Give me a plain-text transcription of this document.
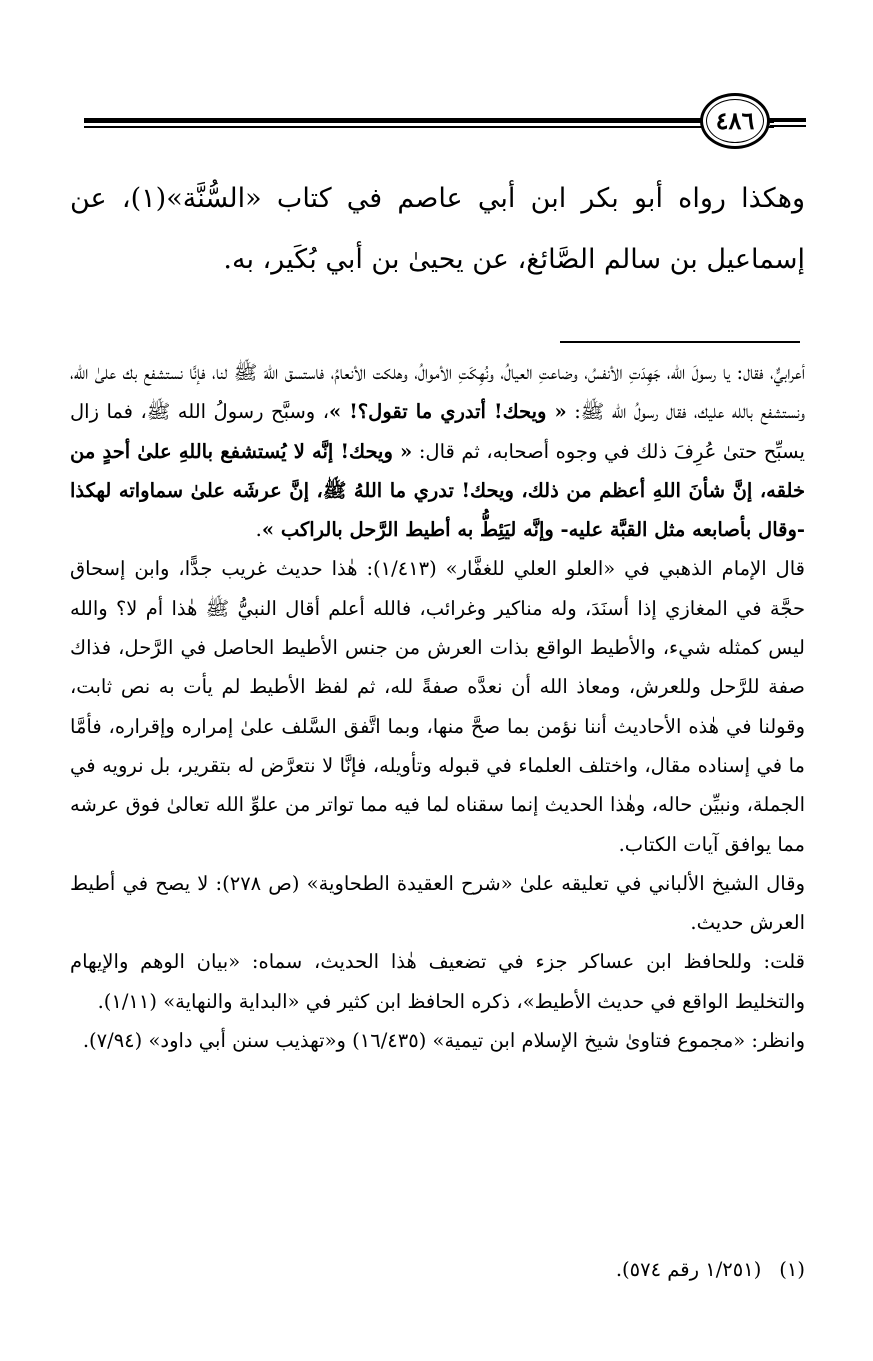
٤٨٦

وهكذا رواه أبو بكر ابن أبي عاصم في كتاب «السُّنَّة»(١)، عن إسماعيل بن سالم الصَّائغ، عن يحيىٰ بن أبي بُكَير، به.

أعرابيٌّ، فقال: يا رسولَ الله، جَهِدَتِ الأنفسُ، وضاعتِ العيالُ، ونُهِكَتِ الأموالُ، وهلكت الأنعامُ، فاستسق اللهَ ﷺ لنا، فإنَّا نستشفع بك علىٰ الله، ونستشفع بالله عليك، فقال رسولُ الله ﷺ: « ويحك! أتدري ما تقول؟! »، وسبَّح رسولُ الله ﷺ، فما زال يسبِّح حتىٰ عُرِفَ ذلك في وجوه أصحابه، ثم قال: « ويحك! إنَّه لا يُستشفع باللهِ علىٰ أحدٍ من خلقه، إنَّ شأنَ اللهِ أعظم من ذلك، ويحك! تدري ما اللهُ ﷺ، إنَّ عرشَه علىٰ سماواته لهكذا -وقال بأصابعه مثل القبَّة عليه- وإنَّه ليَئِطُّ به أطيط الرَّحل بالراكب ».

قال الإمام الذهبي في «العلو العلي للغفَّار» (١/٤١٣): هٰذا حديث غريب جدًّا، وابن إسحاق حجَّة في المغازي إذا أسنَدَ، وله مناكير وغرائب، فالله أعلم أقال النبيُّ ﷺ هٰذا أم لا؟ والله ليس كمثله شيء، والأطيط الواقع بذات العرش من جنس الأطيط الحاصل في الرَّحل، فذاك صفة للرَّحل وللعرش، ومعاذ الله أن نعدَّه صفةً لله، ثم لفظ الأطيط لم يأت به نص ثابت، وقولنا في هٰذه الأحاديث أننا نؤمن بما صحَّ منها، وبما اتَّفق السَّلف علىٰ إمراره وإقراره، فأمَّا ما في إسناده مقال، واختلف العلماء في قبوله وتأويله، فإنَّا لا نتعرَّض له بتقرير، بل نرويه في الجملة، ونبيِّن حاله، وهٰذا الحديث إنما سقناه لما فيه مما تواتر من علوِّ الله تعالىٰ فوق عرشه مما يوافق آيات الكتاب.

وقال الشيخ الألباني في تعليقه علىٰ «شرح العقيدة الطحاوية» (ص ٢٧٨): لا يصح في أطيط العرش حديث.

قلت: وللحافظ ابن عساكر جزء في تضعيف هٰذا الحديث، سماه: «بيان الوهم والإيهام والتخليط الواقع في حديث الأطيط»، ذكره الحافظ ابن كثير في «البداية والنهاية» (١/١١).

وانظر: «مجموع فتاوىٰ شيخ الإسلام ابن تيمية» (١٦/٤٣٥) و«تهذيب سنن أبي داود» (٧/٩٤).

(١)(١/٢٥١ رقم ٥٧٤).
